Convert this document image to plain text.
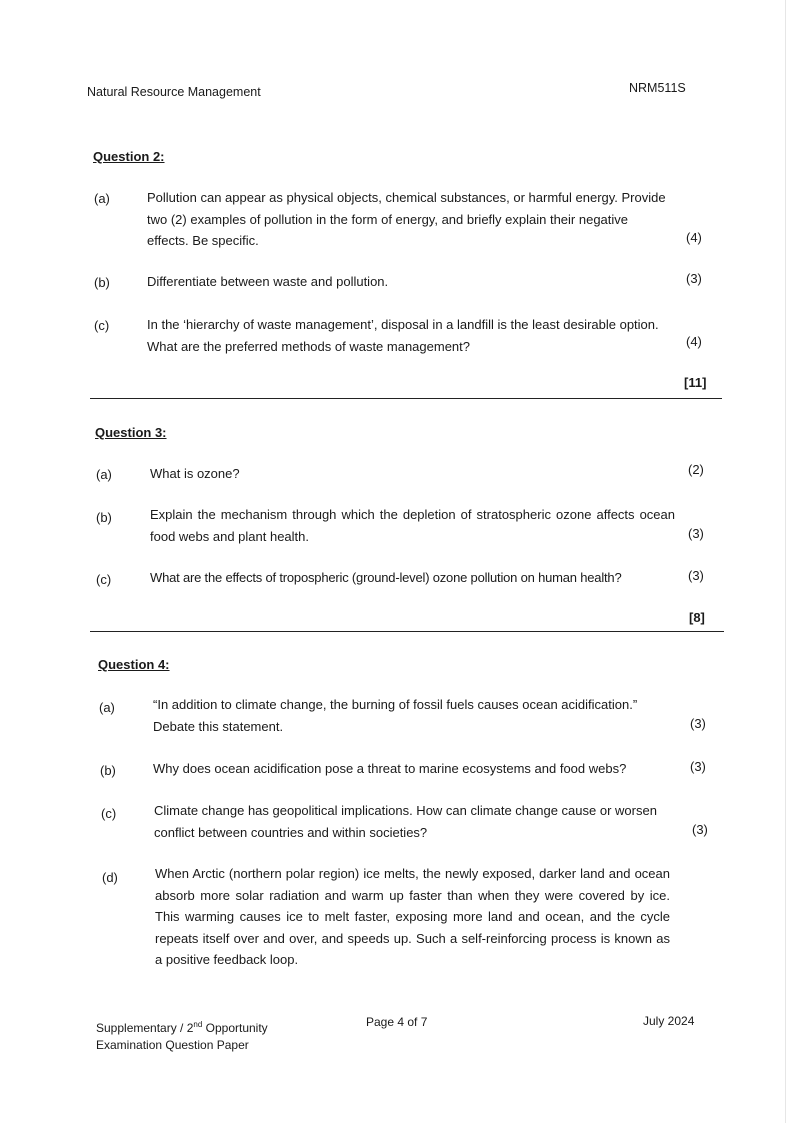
Natural Resource Management	NRM511S
Question 2:
(a)	Pollution can appear as physical objects, chemical substances, or harmful energy. Provide two (2) examples of pollution in the form of energy, and briefly explain their negative effects. Be specific.	(4)
(b)	Differentiate between waste and pollution.	(3)
(c)	In the ‘hierarchy of waste management’, disposal in a landfill is the least desirable option. What are the preferred methods of waste management?	(4)
[11]
Question 3:
(a)	What is ozone?	(2)
(b)	Explain the mechanism through which the depletion of stratospheric ozone affects ocean food webs and plant health.	(3)
(c)	What are the effects of tropospheric (ground-level) ozone pollution on human health?	(3)
[8]
Question 4:
(a)	“In addition to climate change, the burning of fossil fuels causes ocean acidification.” Debate this statement.	(3)
(b)	Why does ocean acidification pose a threat to marine ecosystems and food webs?	(3)
(c)	Climate change has geopolitical implications. How can climate change cause or worsen conflict between countries and within societies?	(3)
(d)	When Arctic (northern polar region) ice melts, the newly exposed, darker land and ocean absorb more solar radiation and warm up faster than when they were covered by ice. This warming causes ice to melt faster, exposing more land and ocean, and the cycle repeats itself over and over, and speeds up. Such a self-reinforcing process is known as a positive feedback loop.
Supplementary / 2nd Opportunity
Examination Question Paper
Page 4 of 7	July 2024
